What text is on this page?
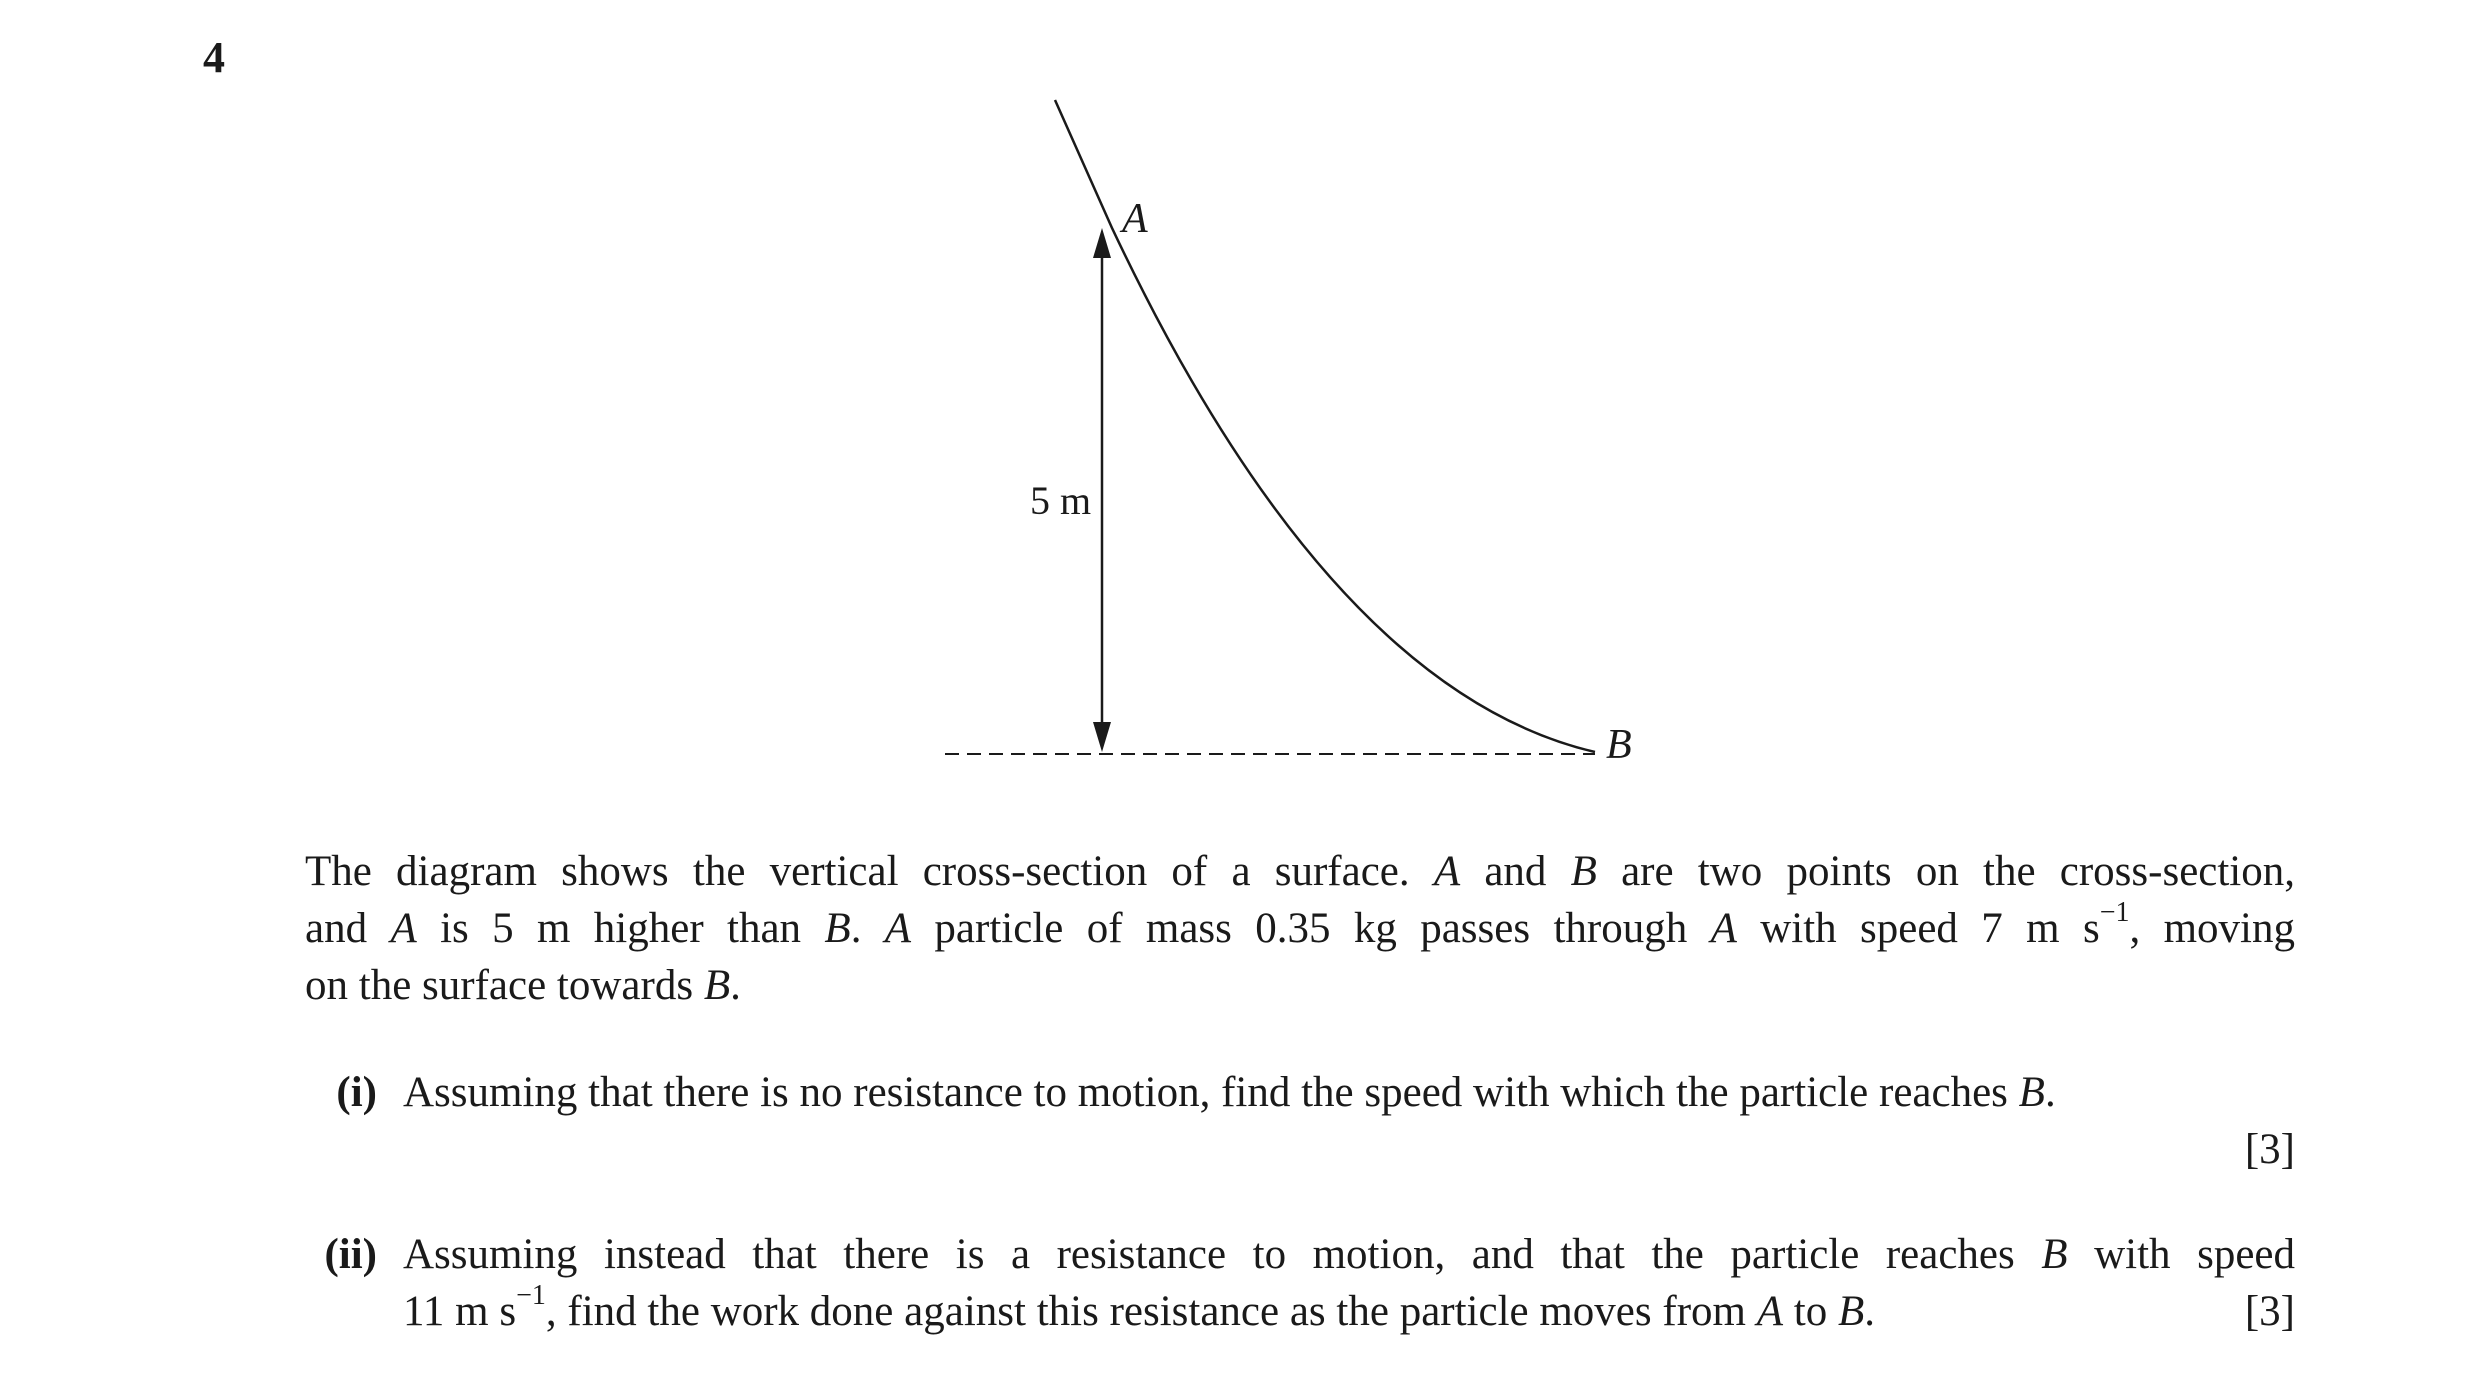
4
A
B
5 m
The diagram shows the vertical cross-section of a surface. A and B are two points on the cross-section,
and A is 5 m higher than B. A particle of mass 0.35 kg passes through A with speed 7 m $s^{-1}$, moving
on the surface towards B.
(i) Assuming that there is no resistance to motion, find the speed with which the particle reaches B.
[3]
(ii) Assuming instead that there is a resistance to motion, and that the particle reaches B with speed
11 m $s^{-1}$, find the work done against this resistance as the particle moves from A to B.	[3]
